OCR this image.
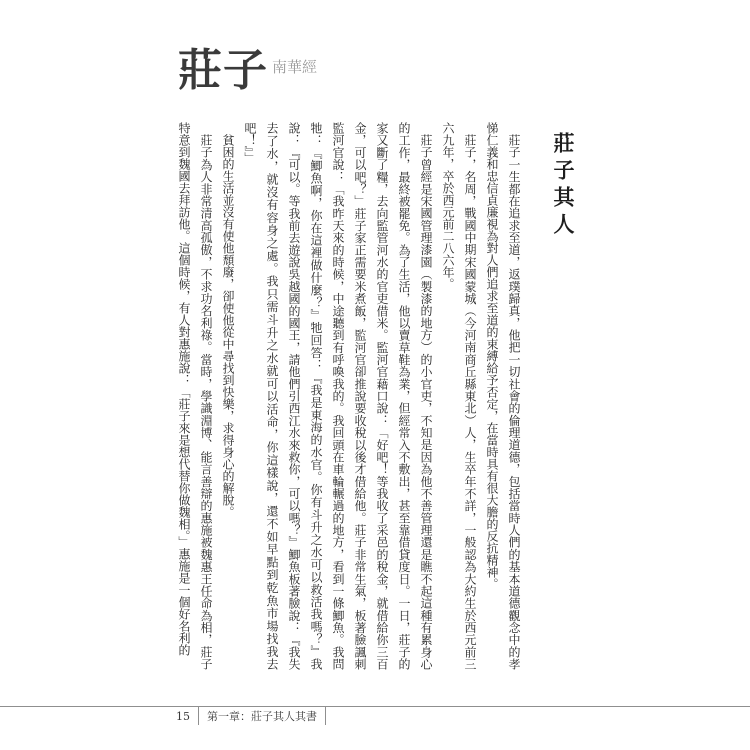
莊子 南華經
莊子其人

莊子一生都在追求至道，返璞歸真，他把一切社會的倫理道德，包括當時人們的基本道德觀念中的孝悌仁義和忠信貞廉視為對人們追求至道的束縛給予否定，在當時具有很大膽的反抗精神。

莊子，名周，戰國中期宋國蒙城（今河南商丘縣東北）人，生卒年不詳，一般認為大約生於西元前三六九年，卒於西元前二八六年。

莊子曾經是宋國管理漆園（製漆的地方）的小官吏，不知是因為他不善管理還是瞧不起這種有累身心的工作，最終被罷免。為了生活，他以賣草鞋為業，但經常入不敷出，甚至靠借貸度日。一日，莊子的家又斷了糧，去向監管河水的官吏借米。監河官藉口說：「好吧！等我收了采邑的稅金，就借給你三百金，可以吧？」莊子家正需要米煮飯，監河官卻推說要收稅以後才借給他。莊子非常生氣，板著臉諷刺監河官說：「我昨天來的時候，中途聽到有呼喚我的。我回頭在車輪輾過的地方，看到一條鯽魚。我問牠：『鯽魚啊，你在這裡做什麼？』牠回答：『我是東海的水官。你有斗升之水可以救活我嗎？』我說：『可以。等我前去遊說吳越國的國王，請他們引西江水來救你，可以嗎？』鯽魚板著臉說：『我失去了水，就沒有容身之處。我只需斗升之水就可以活命，你這樣說，還不如早點到乾魚市場找我去吧！』」

貧困的生活並沒有使他頹廢，卻使他從中尋找到快樂，求得身心的解脫。

莊子為人非常清高孤傲，不求功名利祿。當時，學識淵博、能言善辯的惠施被魏惠王任命為相，莊子特意到魏國去拜訪他。這個時候，有人對惠施說：「莊子來是想代替你做魏相。」惠施是一個好名利的

15	第一章：莊子其人其書
